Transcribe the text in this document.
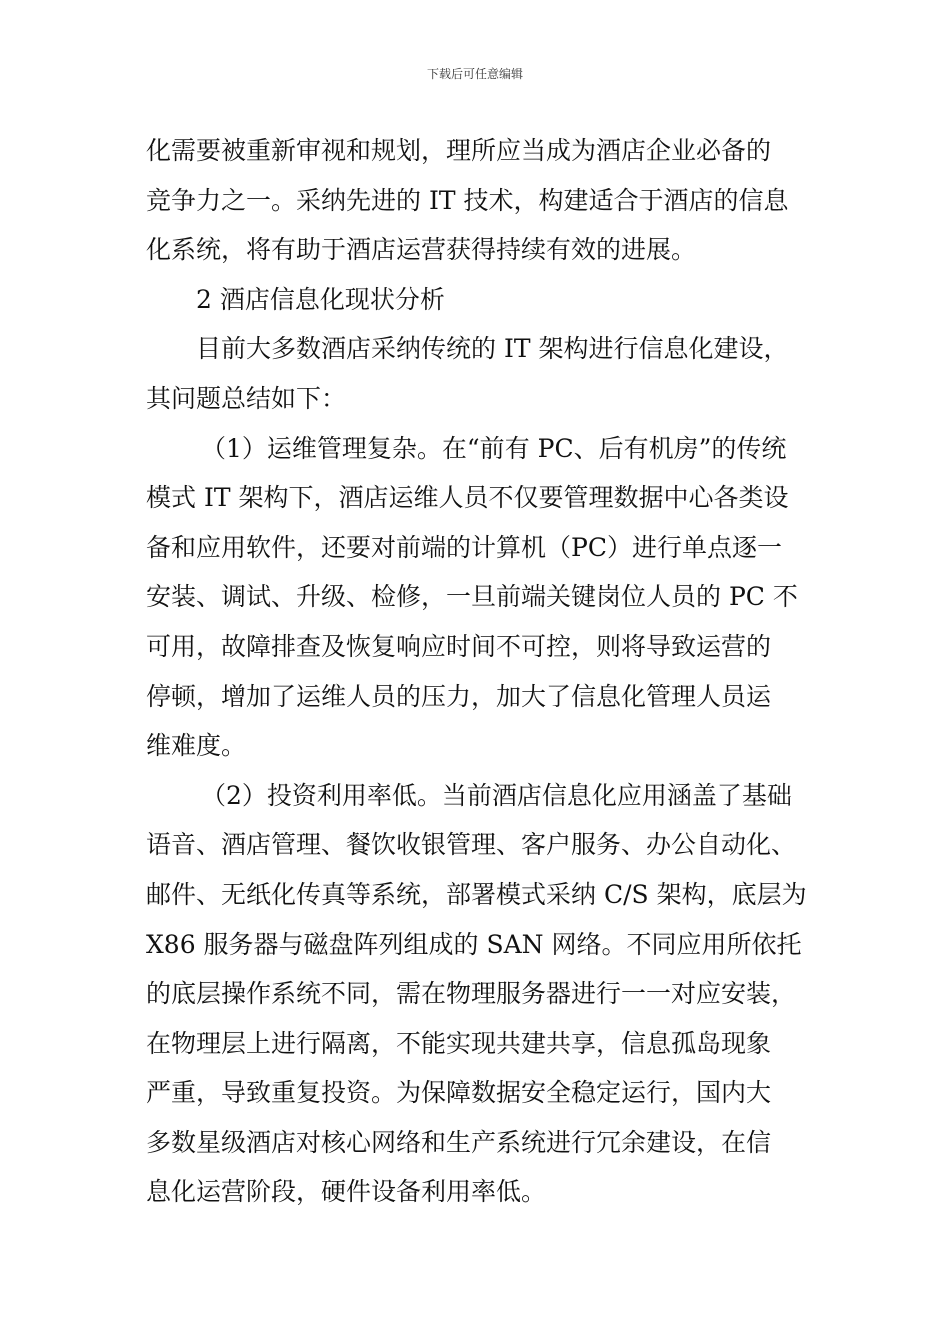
下载后可任意编辑
化需要被重新审视和规划，理所应当成为酒店企业必备的
竞争力之一。采纳先进的 IT 技术，构建适合于酒店的信息
化系统，将有助于酒店运营获得持续有效的进展。
2 酒店信息化现状分析
目前大多数酒店采纳传统的 IT 架构进行信息化建设，
其问题总结如下：
（1）运维管理复杂。在“前有 PC、后有机房”的传统
模式 IT 架构下，酒店运维人员不仅要管理数据中心各类设
备和应用软件，还要对前端的计算机（PC）进行单点逐一
安装、调试、升级、检修，一旦前端关键岗位人员的 PC 不
可用，故障排查及恢复响应时间不可控，则将导致运营的
停顿，增加了运维人员的压力，加大了信息化管理人员运
维难度。
（2）投资利用率低。当前酒店信息化应用涵盖了基础
语音、酒店管理、餐饮收银管理、客户服务、办公自动化、
邮件、无纸化传真等系统，部署模式采纳 C/S 架构，底层为
X86 服务器与磁盘阵列组成的 SAN 网络。不同应用所依托
的底层操作系统不同，需在物理服务器进行一一对应安装，
在物理层上进行隔离，不能实现共建共享，信息孤岛现象
严重，导致重复投资。为保障数据安全稳定运行，国内大
多数星级酒店对核心网络和生产系统进行冗余建设，在信
息化运营阶段，硬件设备利用率低。
